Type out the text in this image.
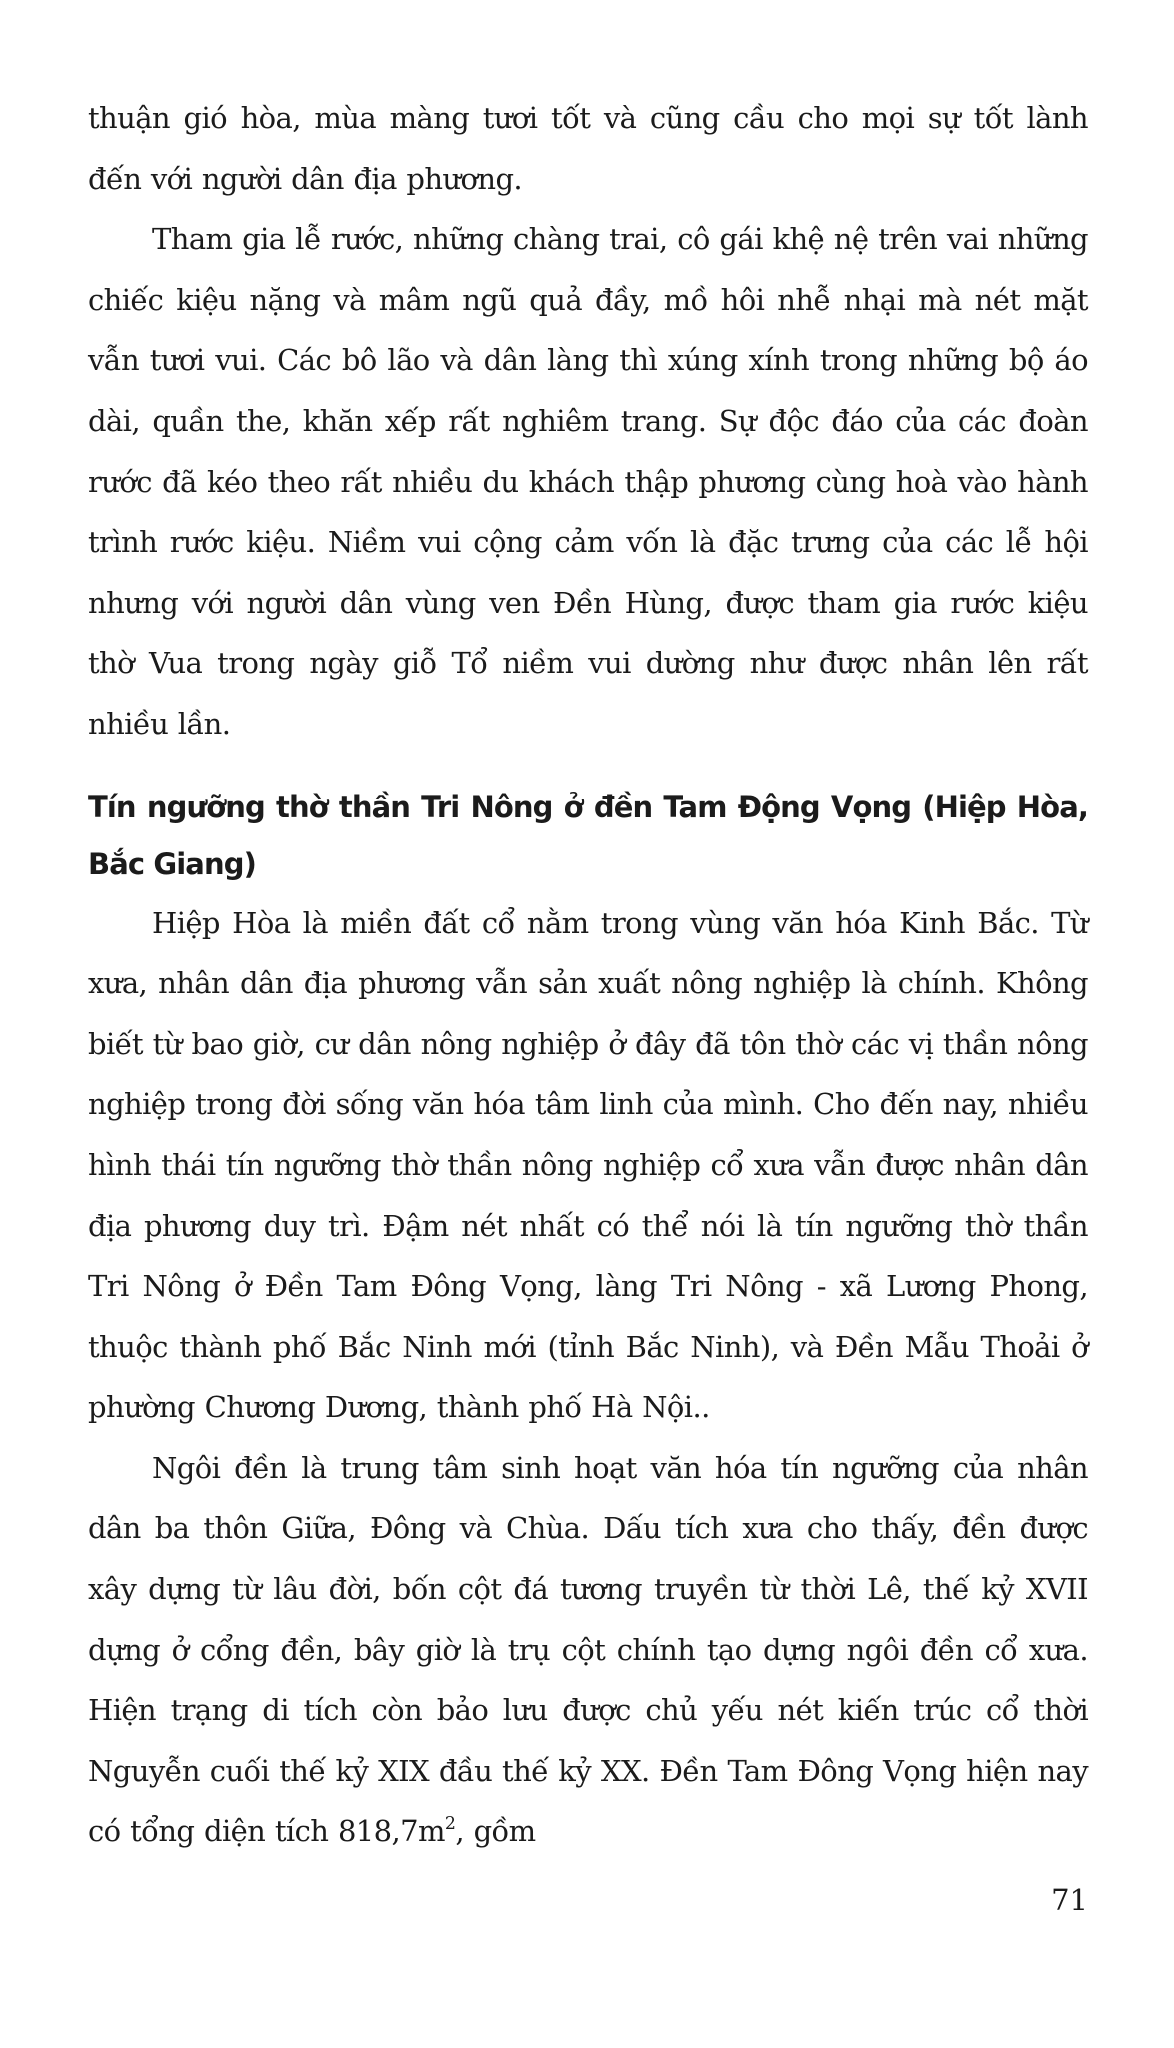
thuận gió hòa, mùa màng tươi tốt và cũng cầu cho mọi sự tốt lành đến với người dân địa phương.

Tham gia lễ rước, những chàng trai, cô gái khệ nệ trên vai những chiếc kiệu nặng và mâm ngũ quả đầy, mồ hôi nhễ nhại mà nét mặt vẫn tươi vui. Các bô lão và dân làng thì xúng xính trong những bộ áo dài, quần the, khăn xếp rất nghiêm trang. Sự độc đáo của các đoàn rước đã kéo theo rất nhiều du khách thập phương cùng hoà vào hành trình rước kiệu. Niềm vui cộng cảm vốn là đặc trưng của các lễ hội nhưng với người dân vùng ven Đền Hùng, được tham gia rước kiệu thờ Vua trong ngày giỗ Tổ niềm vui dường như được nhân lên rất nhiều lần.

Tín ngưỡng thờ thần Tri Nông ở đền Tam Động Vọng (Hiệp Hòa, Bắc Giang)

Hiệp Hòa là miền đất cổ nằm trong vùng văn hóa Kinh Bắc. Từ xưa, nhân dân địa phương vẫn sản xuất nông nghiệp là chính. Không biết từ bao giờ, cư dân nông nghiệp ở đây đã tôn thờ các vị thần nông nghiệp trong đời sống văn hóa tâm linh của mình. Cho đến nay, nhiều hình thái tín ngưỡng thờ thần nông nghiệp cổ xưa vẫn được nhân dân địa phương duy trì. Đậm nét nhất có thể nói là tín ngưỡng thờ thần Tri Nông ở Đền Tam Đông Vọng, làng Tri Nông - xã Lương Phong, thuộc thành phố Bắc Ninh mới (tỉnh Bắc Ninh), và Đền Mẫu Thoải ở phường Chương Dương, thành phố Hà Nội..

Ngôi đền là trung tâm sinh hoạt văn hóa tín ngưỡng của nhân dân ba thôn Giữa, Đông và Chùa. Dấu tích xưa cho thấy, đền được xây dựng từ lâu đời, bốn cột đá tương truyền từ thời Lê, thế kỷ XVII dựng ở cổng đền, bây giờ là trụ cột chính tạo dựng ngôi đền cổ xưa. Hiện trạng di tích còn bảo lưu được chủ yếu nét kiến trúc cổ thời Nguyễn cuối thế kỷ XIX đầu thế kỷ XX. Đền Tam Đông Vọng hiện nay có tổng diện tích $818,7m^2$, gồm

71
